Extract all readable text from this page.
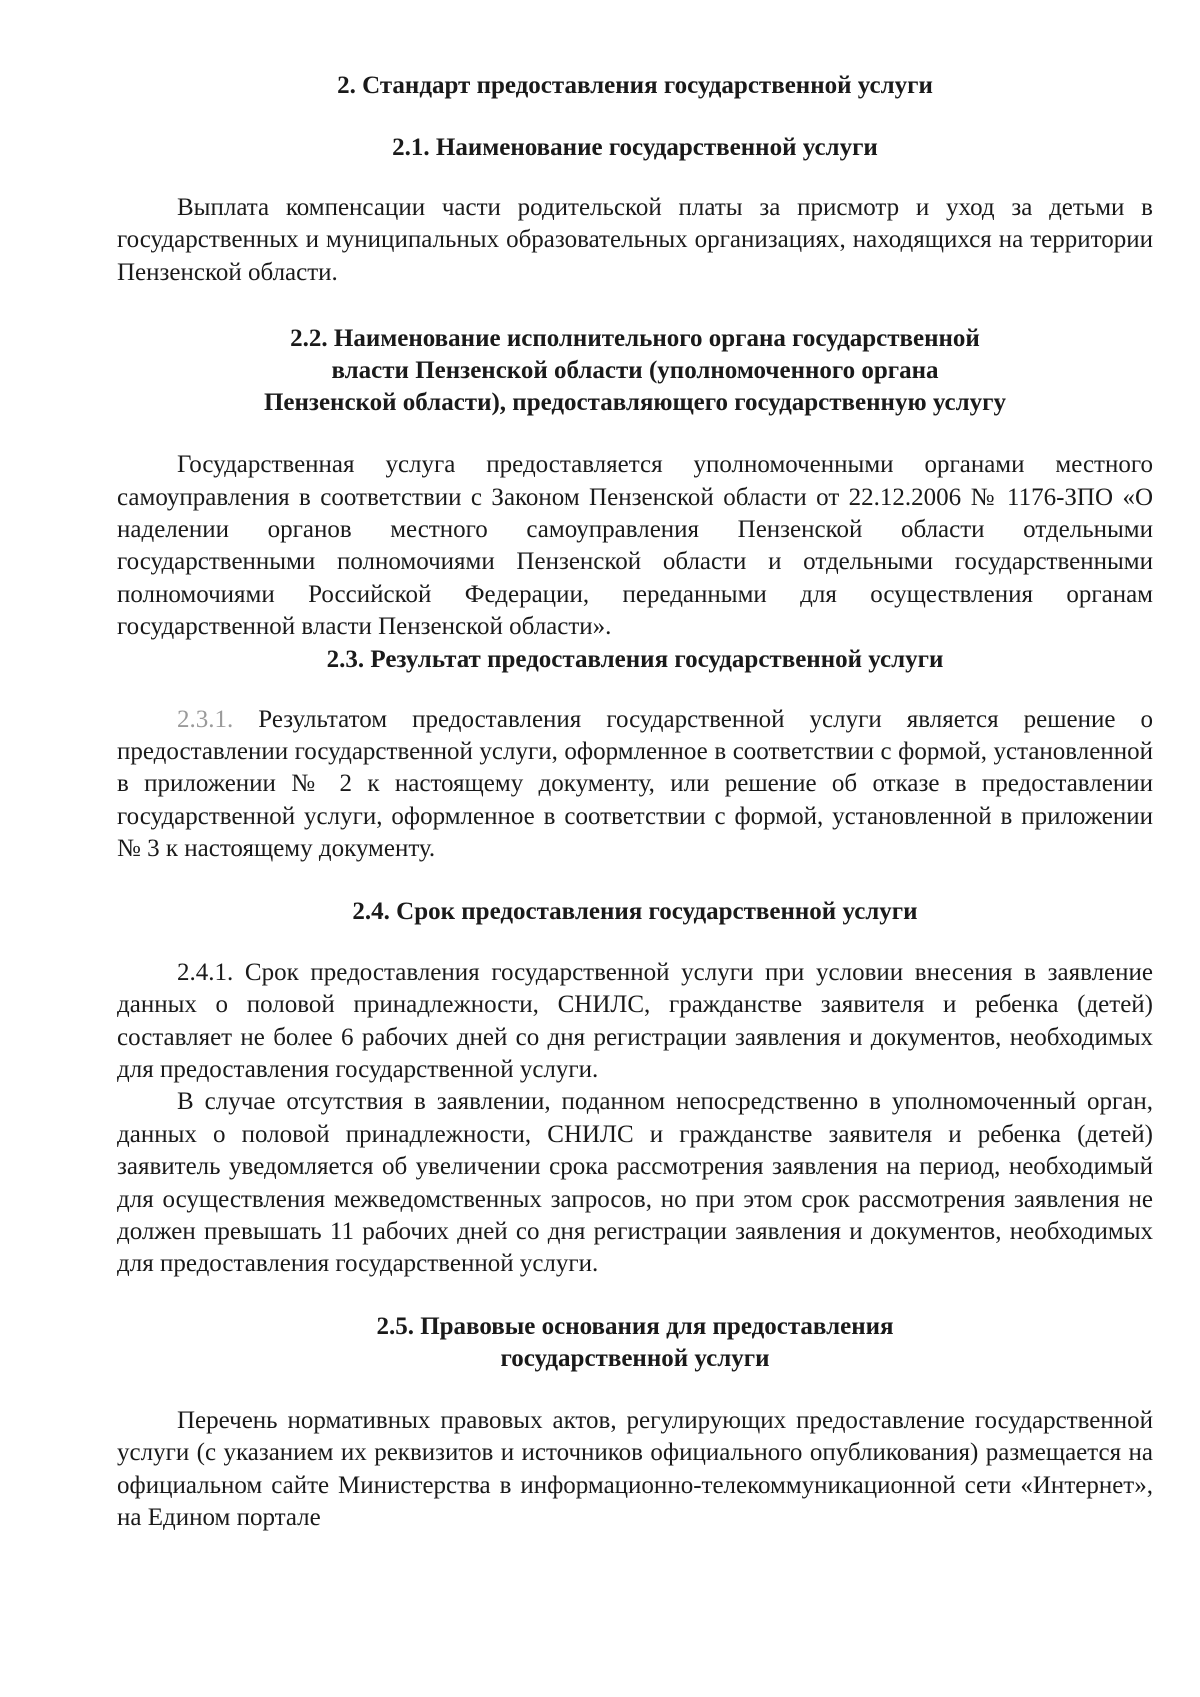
2. Стандарт предоставления государственной услуги
2.1. Наименование государственной услуги

Выплата компенсации части родительской платы за присмотр и уход за детьми в государственных и муниципальных образовательных организациях, находящихся на территории Пензенской области.

2.2. Наименование исполнительного органа государственной
власти Пензенской области (уполномоченного органа
Пензенской области), предоставляющего государственную услугу

Государственная услуга предоставляется уполномоченными органами местного самоуправления в соответствии с Законом Пензенской области от 22.12.2006 № 1176-ЗПО «О наделении органов местного самоуправления Пензенской области отдельными государственными полномочиями Пензенской области и отдельными государственными полномочиями Российской Федерации, переданными для осуществления органам государственной власти Пензенской области».

2.3. Результат предоставления государственной услуги

2.3.1. Результатом предоставления государственной услуги является решение о предоставлении государственной услуги, оформленное в соответствии с формой, установленной в приложении № 2 к настоящему документу, или решение об отказе в предоставлении государственной услуги, оформленное в соответствии с формой, установленной в приложении № 3 к настоящему документу.

2.4. Срок предоставления государственной услуги

2.4.1. Срок предоставления государственной услуги при условии внесения в заявление данных о половой принадлежности, СНИЛС, гражданстве заявителя и ребенка (детей) составляет не более 6 рабочих дней со дня регистрации заявления и документов, необходимых для предоставления государственной услуги.

В случае отсутствия в заявлении, поданном непосредственно в уполномоченный орган, данных о половой принадлежности, СНИЛС и гражданстве заявителя и ребенка (детей) заявитель уведомляется об увеличении срока рассмотрения заявления на период, необходимый для осуществления межведомственных запросов, но при этом срок рассмотрения заявления не должен превышать 11 рабочих дней со дня регистрации заявления и документов, необходимых для предоставления государственной услуги.

2.5. Правовые основания для предоставления
государственной услуги

Перечень нормативных правовых актов, регулирующих предоставление государственной услуги (с указанием их реквизитов и источников официального опубликования) размещается на официальном сайте Министерства в информационно-телекоммуникационной сети «Интернет», на Едином портале
